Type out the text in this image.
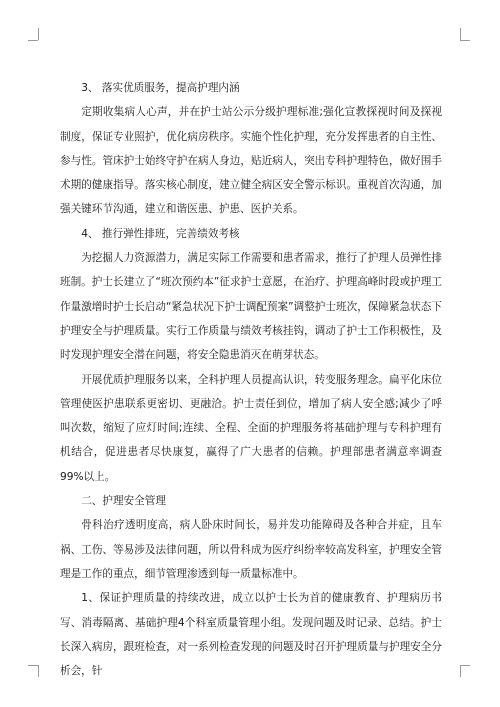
3、 落实优质服务，提高护理内涵

定期收集病人心声，并在护士站公示分级护理标准;强化宣教探视时间及探视制度，保证专业照护，优化病房秩序。实施个性化护理，充分发挥患者的自主性、参与性。管床护士始终守护在病人身边，贴近病人，突出专科护理特色，做好围手术期的健康指导。落实核心制度，建立健全病区安全警示标识。重视首次沟通，加强关键环节沟通，建立和谐医患、护患、医护关系。

4、 推行弹性排班，完善绩效考核

为挖掘人力资源潜力，满足实际工作需要和患者需求，推行了护理人员弹性排班制。护士长建立了“班次预约本”征求护士意愿，在治疗、护理高峰时段或护理工作量激增时护士长启动“紧急状况下护士调配预案”调整护士班次，保障紧急状态下护理安全与护理质量。实行工作质量与绩效考核挂钩，调动了护士工作积极性，及时发现护理安全潜在问题，将安全隐患消灭在萌芽状态。

开展优质护理服务以来，全科护理人员提高认识，转变服务理念。扁平化床位管理使医护患联系更密切、更融洽。护士责任到位，增加了病人安全感;减少了呼叫次数，缩短了应灯时间;连续、全程、全面的护理服务将基础护理与专科护理有机结合，促进患者尽快康复，赢得了广大患者的信赖。护理部患者满意率调查99%以上。

二、护理安全管理

骨科治疗透明度高，病人卧床时间长，易并发功能障碍及各种合并症，且车祸、工伤、等易涉及法律问题，所以骨科成为医疗纠纷率较高发科室，护理安全管理是工作的重点，细节管理渗透到每一质量标准中。

1、保证护理质量的持续改进，成立以护士长为首的健康教育、护理病历书写、消毒隔离、基础护理4个科室质量管理小组。发现问题及时记录、总结。护士长深入病房，跟班检查，对一系列检查发现的问题及时召开护理质量与护理安全分析会，针
